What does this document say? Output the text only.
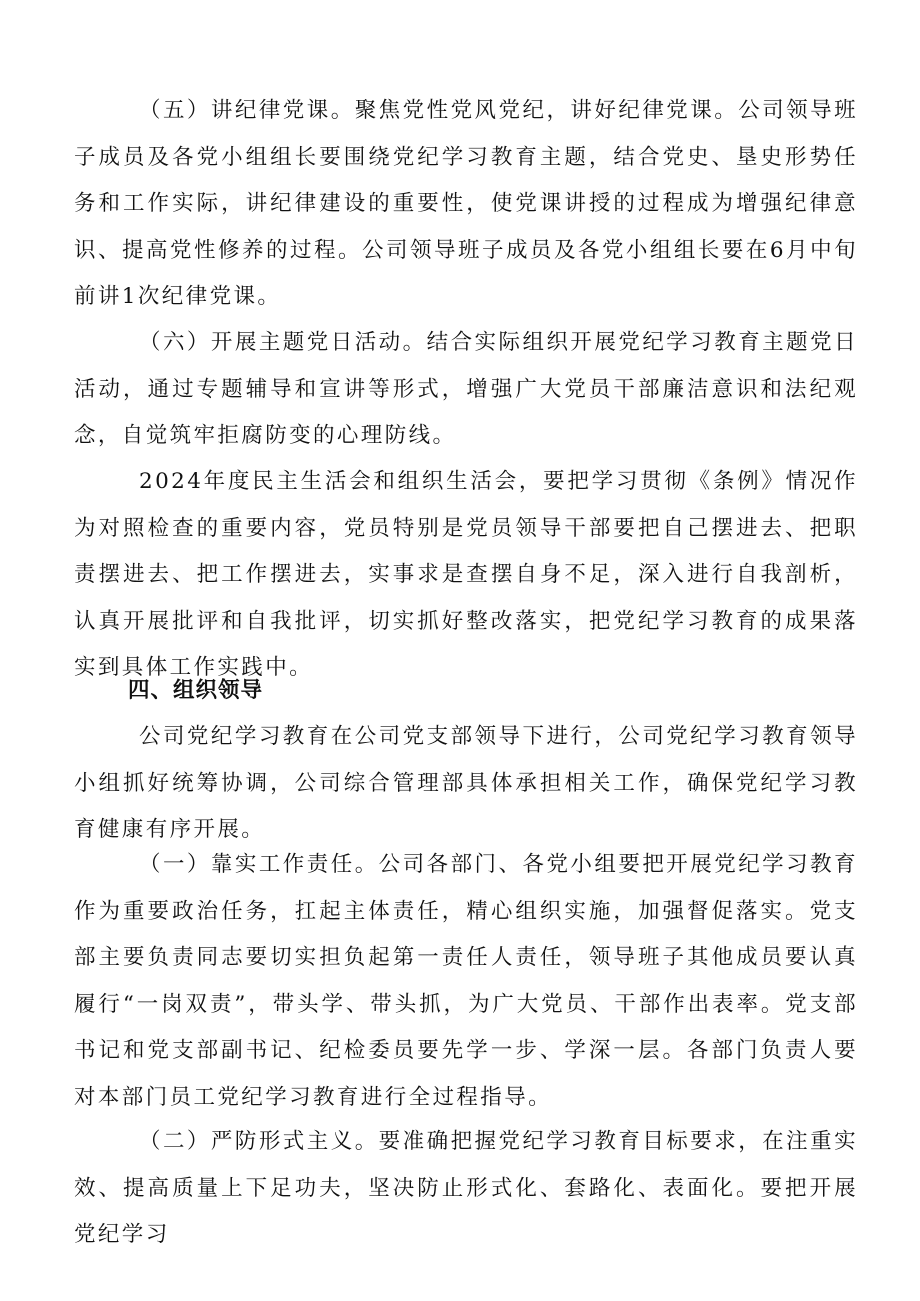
（五）讲纪律党课。聚焦党性党风党纪，讲好纪律党课。公司领导班子成员及各党小组组长要围绕党纪学习教育主题，结合党史、垦史形势任务和工作实际，讲纪律建设的重要性，使党课讲授的过程成为增强纪律意识、提高党性修养的过程。公司领导班子成员及各党小组组长要在6月中旬前讲1次纪律党课。

（六）开展主题党日活动。结合实际组织开展党纪学习教育主题党日活动，通过专题辅导和宣讲等形式，增强广大党员干部廉洁意识和法纪观念，自觉筑牢拒腐防变的心理防线。

2024年度民主生活会和组织生活会，要把学习贯彻《条例》情况作为对照检查的重要内容，党员特别是党员领导干部要把自己摆进去、把职责摆进去、把工作摆进去，实事求是查摆自身不足，深入进行自我剖析，认真开展批评和自我批评，切实抓好整改落实，把党纪学习教育的成果落实到具体工作实践中。

四、组织领导

公司党纪学习教育在公司党支部领导下进行，公司党纪学习教育领导小组抓好统筹协调，公司综合管理部具体承担相关工作，确保党纪学习教育健康有序开展。

（一）靠实工作责任。公司各部门、各党小组要把开展党纪学习教育作为重要政治任务，扛起主体责任，精心组织实施，加强督促落实。党支部主要负责同志要切实担负起第一责任人责任，领导班子其他成员要认真履行“一岗双责”，带头学、带头抓，为广大党员、干部作出表率。党支部书记和党支部副书记、纪检委员要先学一步、学深一层。各部门负责人要对本部门员工党纪学习教育进行全过程指导。

（二）严防形式主义。要准确把握党纪学习教育目标要求，在注重实效、提高质量上下足功夫，坚决防止形式化、套路化、表面化。要把开展党纪学习
